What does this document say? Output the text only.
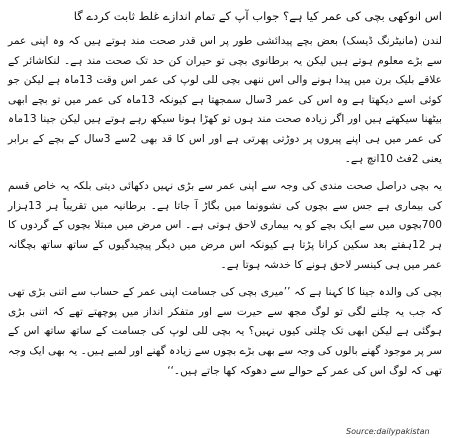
اس انوکھی بچی کی عمر کیا ہے؟ جواب آپ کے تمام اندازے غلط ثابت کردے گا

لندن (مانیٹرنگ ڈیسک) بعض بچے پیدائشی طور پر اس قدر صحت مند ہوتے ہیں کہ وہ اپنی عمر سے بڑے معلوم ہوتے ہیں لیکن یہ برطانوی بچی تو حیران کن حد تک صحت مند ہے۔ لنکاشائر کے علاقے بلیک برن میں پیدا ہونے والی اس ننھی بچی للی لوپ کی عمر اس وقت 13ماہ ہے لیکن جو کوئی اسے دیکھتا ہے وہ اس کی عمر 3سال سمجھتا ہے کیونکہ 13ماہ کی عمر میں تو بچے ابھی بیٹھنا سیکھتے ہیں اور اگر زیادہ صحت مند ہوں تو کھڑا ہونا سیکھ رہے ہوتے ہیں لیکن جینا 13ماہ کی عمر میں ہی اپنے پیروں پر دوڑتی پھرتی ہے اور اس کا قد بھی 2سے 3سال کے بچے کے برابر یعنی 2فٹ 10انچ ہے۔

یہ بچی دراصل صحت مندی کی وجہ سے اپنی عمر سے بڑی نہیں دکھائی دیتی بلکہ یہ خاص قسم کی بیماری ہے جس سے بچوں کی نشوونما میں بگاڑ آ جاتا ہے۔ برطانیہ میں تقریباً ہر 13ہزار 700بچوں میں سے ایک بچے کو یہ بیماری لاحق ہوتی ہے۔ اس مرض میں مبتلا بچوں کے گردوں کا ہر 12ہفتے بعد سکین کرانا پڑتا ہے کیونکہ اس مرض میں دیگر پیچیدگیوں کے ساتھ ساتھ بچگانہ عمر میں ہی کینسر لاحق ہونے کا خدشہ ہوتا ہے۔

بچی کی والدہ جینا کا کہنا ہے کہ ’’میری بچی کی جسامت اپنی عمر کے حساب سے اتنی بڑی تھی کہ جب یہ چلنے لگی تو لوگ مجھ سے حیرت سے اور متفکر انداز میں پوچھتے تھے کہ اتنی بڑی ہوگئی ہے لیکن ابھی تک چلتی کیوں نہیں؟ یہ بچی للی لوپ کی جسامت کے ساتھ ساتھ اس کے سر پر موجود گھنے بالوں کی وجہ سے بھی بڑے بچوں سے زیادہ گھنے اور لمبے ہیں۔ یہ بھی ایک وجہ تھی کہ لوگ اس کی عمر کے حوالے سے دھوکہ کھا جاتے ہیں۔‘‘

Source:dailypakistan
